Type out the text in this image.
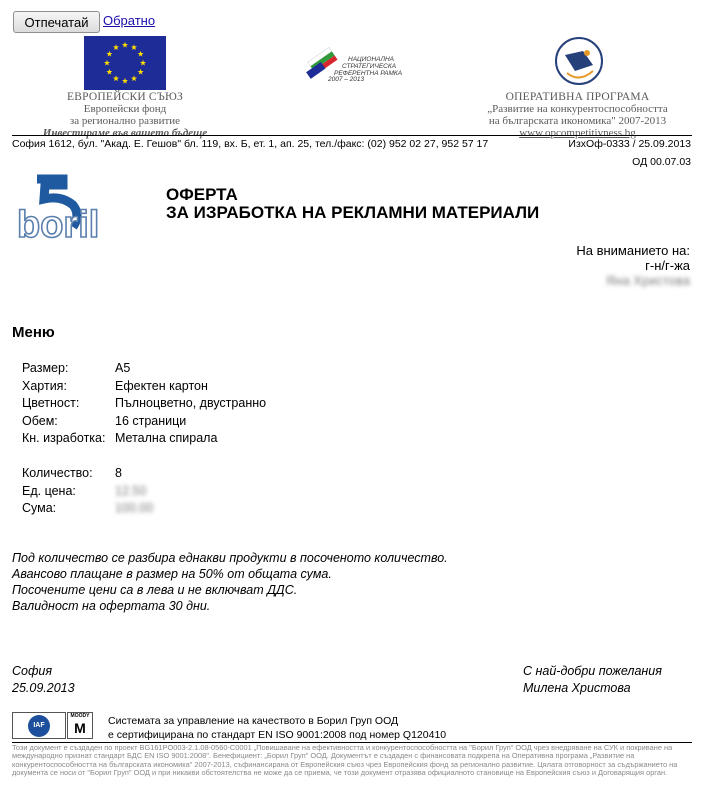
Отпечатай	Обратно
ЕВРОПЕЙСКИ СЪЮЗ
Европейски фонд
за регионално развитие
Инвестираме във вашето бъдеще
НАЦИОНАЛНА
СТРАТЕГИЧЕСКА
РЕФЕРЕНТНА РАМКА
2007 – 2013
ОПЕРАТИВНА ПРОГРАМА
„Развитие на конкурентоспособността
на българската икономика" 2007-2013
www.opcompetitivness.bg
София 1612, бул. "Акад. Е. Гешов" бл. 119, вх. Б, ет. 1, ап. 25, тел./факс: (02) 952 02 27, 952 57 17	ИзхОф-0333 / 25.09.2013
ОД 00.07.03
boril
ОФЕРТА
ЗА ИЗРАБОТКА НА РЕКЛАМНИ МАТЕРИАЛИ
На вниманието на:
г-н/г-жа
Яна Христова
Меню
Размер:	А5
Хартия:	Ефектен картон
Цветност:	Пълноцветно, двустранно
Обем:	16 страници
Кн. изработка: Метална спирала
Количество:	8
Ед. цена:	12.50
Сума:	100.00
Под количество се разбира еднакви продукти в посоченото количество.
Авансово плащане в размер на 50% от общата сума.
Посочените цени са в лева и не включват ДДС.
Валидност на офертата 30 дни.
София
25.09.2013
С най-добри пожелания
Милена Христова
IAF
MOODY
M	Системата за управление на качеството в Борил Груп ООД
е сертифицирана по стандарт EN ISO 9001:2008 под номер Q120410
Този документ е създаден по проект BG161PO003-2.1.08-0560-C0001 „Повишаване на ефективността и конкурентоспособността на "Борил Груп" ООД чрез внедряване на СУК и покриване на международно признат стандарт БДС EN ISO 9001:2008". Бенефициент: „Борил Груп" ООД. Документът е създаден с финансовата подкрепа на Оперативна програма „Развитие на конкурентоспособността на българската икономика" 2007-2013, съфинансирана от Европейския съюз чрез Европейския фонд за регионално развитие. Цялата отговорност за съдържанието на документа се носи от "Борил Груп" ООД и при никакви обстоятелства не може да се приема, че този документ отразява официалното становище на Европейския съюз и Договарящия орган.
